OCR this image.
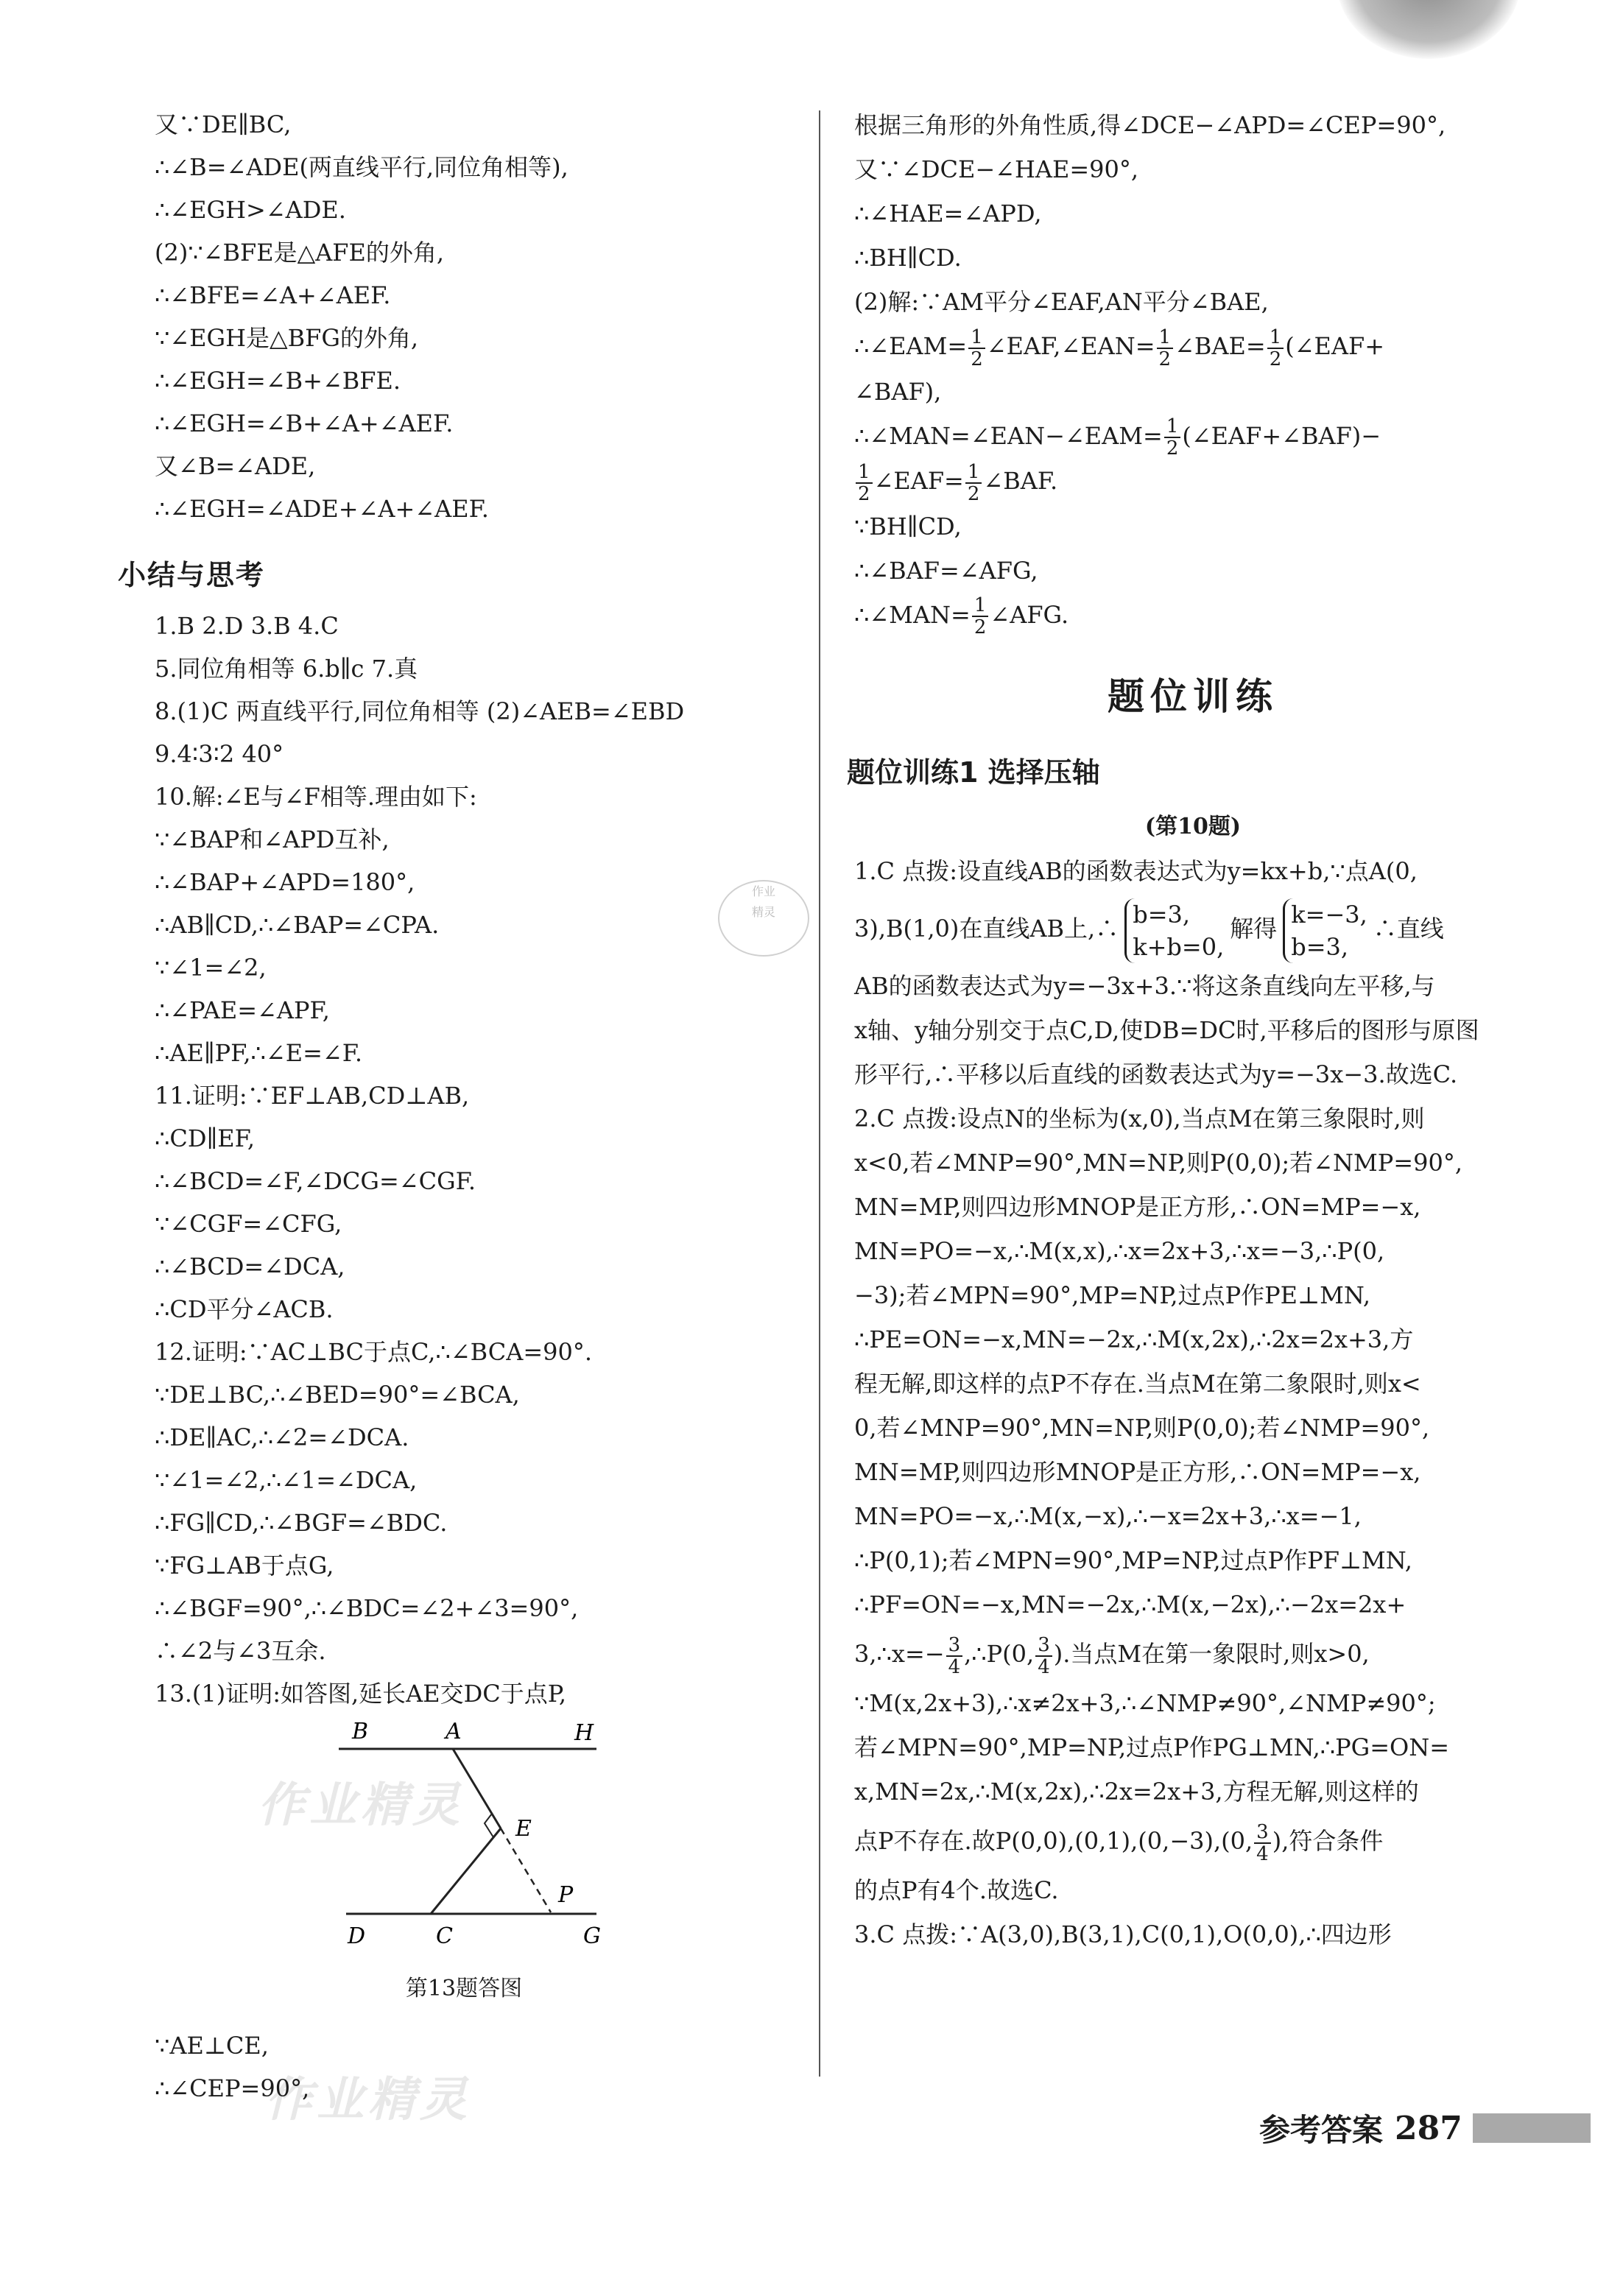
作业精灵
作业精灵
作业
精灵
又∵DE∥BC,
∴∠B=∠ADE(两直线平行,同位角相等),
∴∠EGH>∠ADE.
(2)∵∠BFE是△AFE的外角,
∴∠BFE=∠A+∠AEF.
∵∠EGH是△BFG的外角,
∴∠EGH=∠B+∠BFE.
∴∠EGH=∠B+∠A+∠AEF.
又∠B=∠ADE,
∴∠EGH=∠ADE+∠A+∠AEF.
小结与思考
1.B 2.D 3.B 4.C
5.同位角相等 6.b∥c 7.真
8.(1)C 两直线平行,同位角相等 (2)∠AEB=∠EBD
9.4∶3∶2 40°
10.解:∠E与∠F相等.理由如下:
∵∠BAP和∠APD互补,
∴∠BAP+∠APD=180°,
∴AB∥CD,∴∠BAP=∠CPA.
∵∠1=∠2,
∴∠PAE=∠APF,
∴AE∥PF,∴∠E=∠F.
11.证明:∵EF⊥AB,CD⊥AB,
∴CD∥EF,
∴∠BCD=∠F,∠DCG=∠CGF.
∵∠CGF=∠CFG,
∴∠BCD=∠DCA,
∴CD平分∠ACB.
12.证明:∵AC⊥BC于点C,∴∠BCA=90°.
∵DE⊥BC,∴∠BED=90°=∠BCA,
∴DE∥AC,∴∠2=∠DCA.
∵∠1=∠2,∴∠1=∠DCA,
∴FG∥CD,∴∠BGF=∠BDC.
∵FG⊥AB于点G,
∴∠BGF=90°,∴∠BDC=∠2+∠3=90°,
∴∠2与∠3互余.
13.(1)证明:如答图,延长AE交DC于点P,
B	A	H
E
P
D	C	G
第13题答图
∵AE⊥CE,
∴∠CEP=90°,
根据三角形的外角性质,得∠DCE−∠APD=∠CEP=90°,
又∵∠DCE−∠HAE=90°,
∴∠HAE=∠APD,
∴BH∥CD.
(2)解:∵AM平分∠EAF,AN平分∠BAE,
∴∠EAM= $\frac{1}{2}$ ∠EAF,∠EAN= $\frac{1}{2}$ ∠BAE= $\frac{1}{2}$ (∠EAF+
∠BAF),
∴∠MAN=∠EAN−∠EAM= $\frac{1}{2}$ (∠EAF+∠BAF)−
$\frac{1}{2}$ ∠EAF= $\frac{1}{2}$ ∠BAF.
∵BH∥CD,
∴∠BAF=∠AFG,
∴∠MAN= $\frac{1}{2}$ ∠AFG.
题位训练
题位训练1 选择压轴
(第10题)
1.C 点拨:设直线AB的函数表达式为y=kx+b,∵点A(0,
3),B(1,0)在直线AB上,∴
b=3,
k+b=0,
解得
k=−3,
b=3,
∴直线
AB的函数表达式为y=−3x+3.∵将这条直线向左平移,与
x轴、y轴分别交于点C,D,使DB=DC时,平移后的图形与原图
形平行,∴平移以后直线的函数表达式为y=−3x−3.故选C.
2.C 点拨:设点N的坐标为(x,0),当点M在第三象限时,则
x<0,若∠MNP=90°,MN=NP,则P(0,0);若∠NMP=90°,
MN=MP,则四边形MNOP是正方形,∴ON=MP=−x,
MN=PO=−x,∴M(x,x),∴x=2x+3,∴x=−3,∴P(0,
−3);若∠MPN=90°,MP=NP,过点P作PE⊥MN,
∴PE=ON=−x,MN=−2x,∴M(x,2x),∴2x=2x+3,方
程无解,即这样的点P不存在.当点M在第二象限时,则x<
0,若∠MNP=90°,MN=NP,则P(0,0);若∠NMP=90°,
MN=MP,则四边形MNOP是正方形,∴ON=MP=−x,
MN=PO=−x,∴M(x,−x),∴−x=2x+3,∴x=−1,
∴P(0,1);若∠MPN=90°,MP=NP,过点P作PF⊥MN,
∴PF=ON=−x,MN=−2x,∴M(x,−2x),∴−2x=2x+
3,∴x=− $\frac{3}{4}$ ,∴P(0, $\frac{3}{4}$ ).当点M在第一象限时,则x>0,
∵M(x,2x+3),∴x≠2x+3,∴∠NMP≠90°,∠NMP≠90°;
若∠MPN=90°,MP=NP,过点P作PG⊥MN,∴PG=ON=
x,MN=2x,∴M(x,2x),∴2x=2x+3,方程无解,则这样的
点P不存在.故P(0,0),(0,1),(0,−3),(0, $\frac{3}{4}$ ),符合条件
的点P有4个.故选C.
3.C 点拨:∵A(3,0),B(3,1),C(0,1),O(0,0),∴四边形
参考答案 287
